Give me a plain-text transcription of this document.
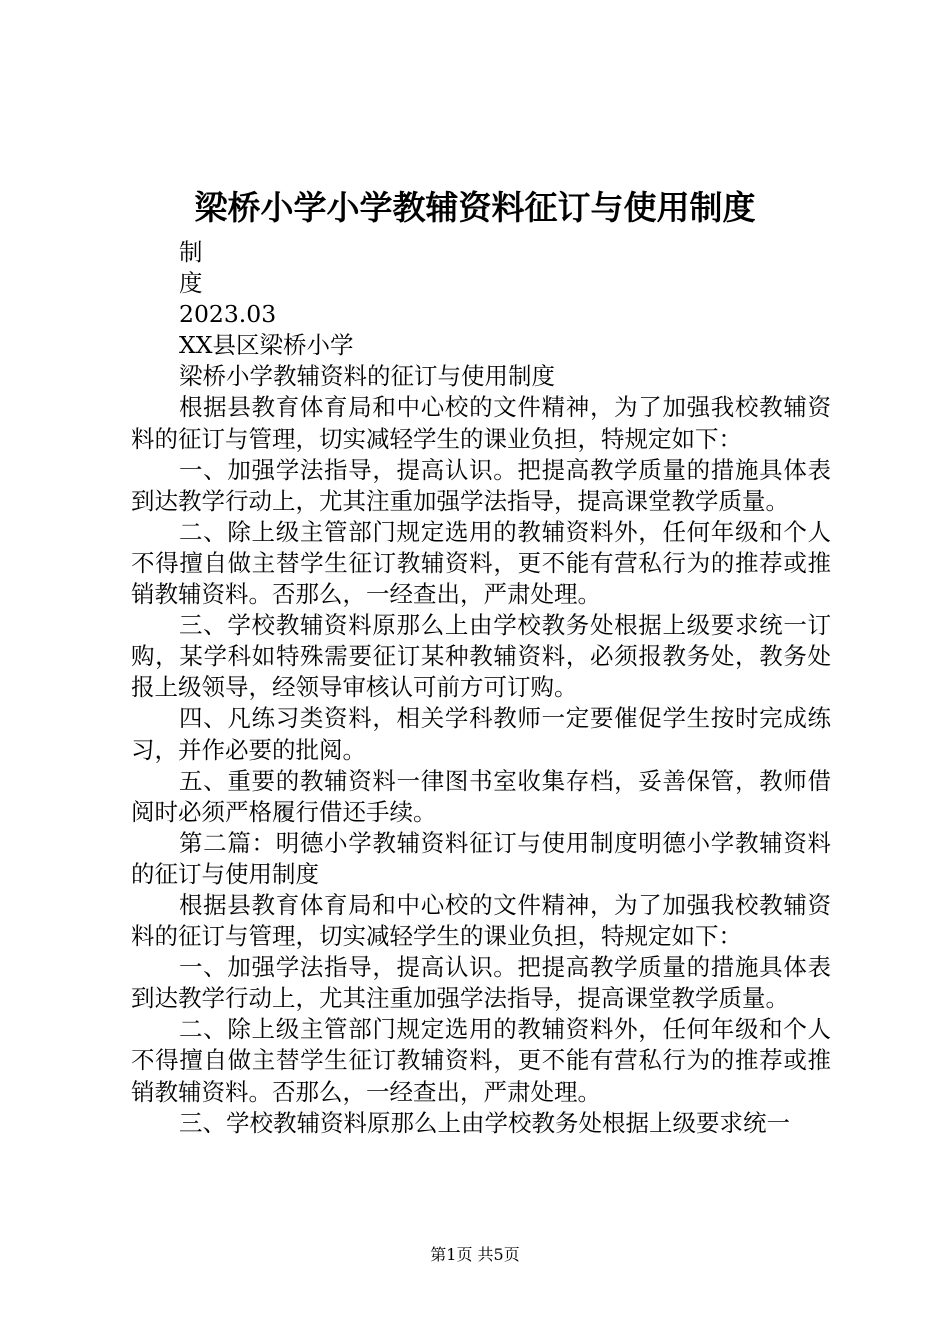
梁桥小学小学教辅资料征订与使用制度

制

度

2023.03

XX县区梁桥小学

梁桥小学教辅资料的征订与使用制度

根据县教育体育局和中心校的文件精神，为了加强我校教辅资料的征订与管理，切实减轻学生的课业负担，特规定如下：

一、加强学法指导，提高认识。把提高教学质量的措施具体表到达教学行动上，尤其注重加强学法指导，提高课堂教学质量。

二、除上级主管部门规定选用的教辅资料外，任何年级和个人不得擅自做主替学生征订教辅资料，更不能有营私行为的推荐或推销教辅资料。否那么，一经查出，严肃处理。

三、学校教辅资料原那么上由学校教务处根据上级要求统一订购，某学科如特殊需要征订某种教辅资料，必须报教务处，教务处报上级领导，经领导审核认可前方可订购。

四、凡练习类资料，相关学科教师一定要催促学生按时完成练习，并作必要的批阅。

五、重要的教辅资料一律图书室收集存档，妥善保管，教师借阅时必须严格履行借还手续。

第二篇：明德小学教辅资料征订与使用制度明德小学教辅资料的征订与使用制度

根据县教育体育局和中心校的文件精神，为了加强我校教辅资料的征订与管理，切实减轻学生的课业负担，特规定如下：

一、加强学法指导，提高认识。把提高教学质量的措施具体表到达教学行动上，尤其注重加强学法指导，提高课堂教学质量。

二、除上级主管部门规定选用的教辅资料外，任何年级和个人不得擅自做主替学生征订教辅资料，更不能有营私行为的推荐或推销教辅资料。否那么，一经查出，严肃处理。

三、学校教辅资料原那么上由学校教务处根据上级要求统一

第1页 共5页
